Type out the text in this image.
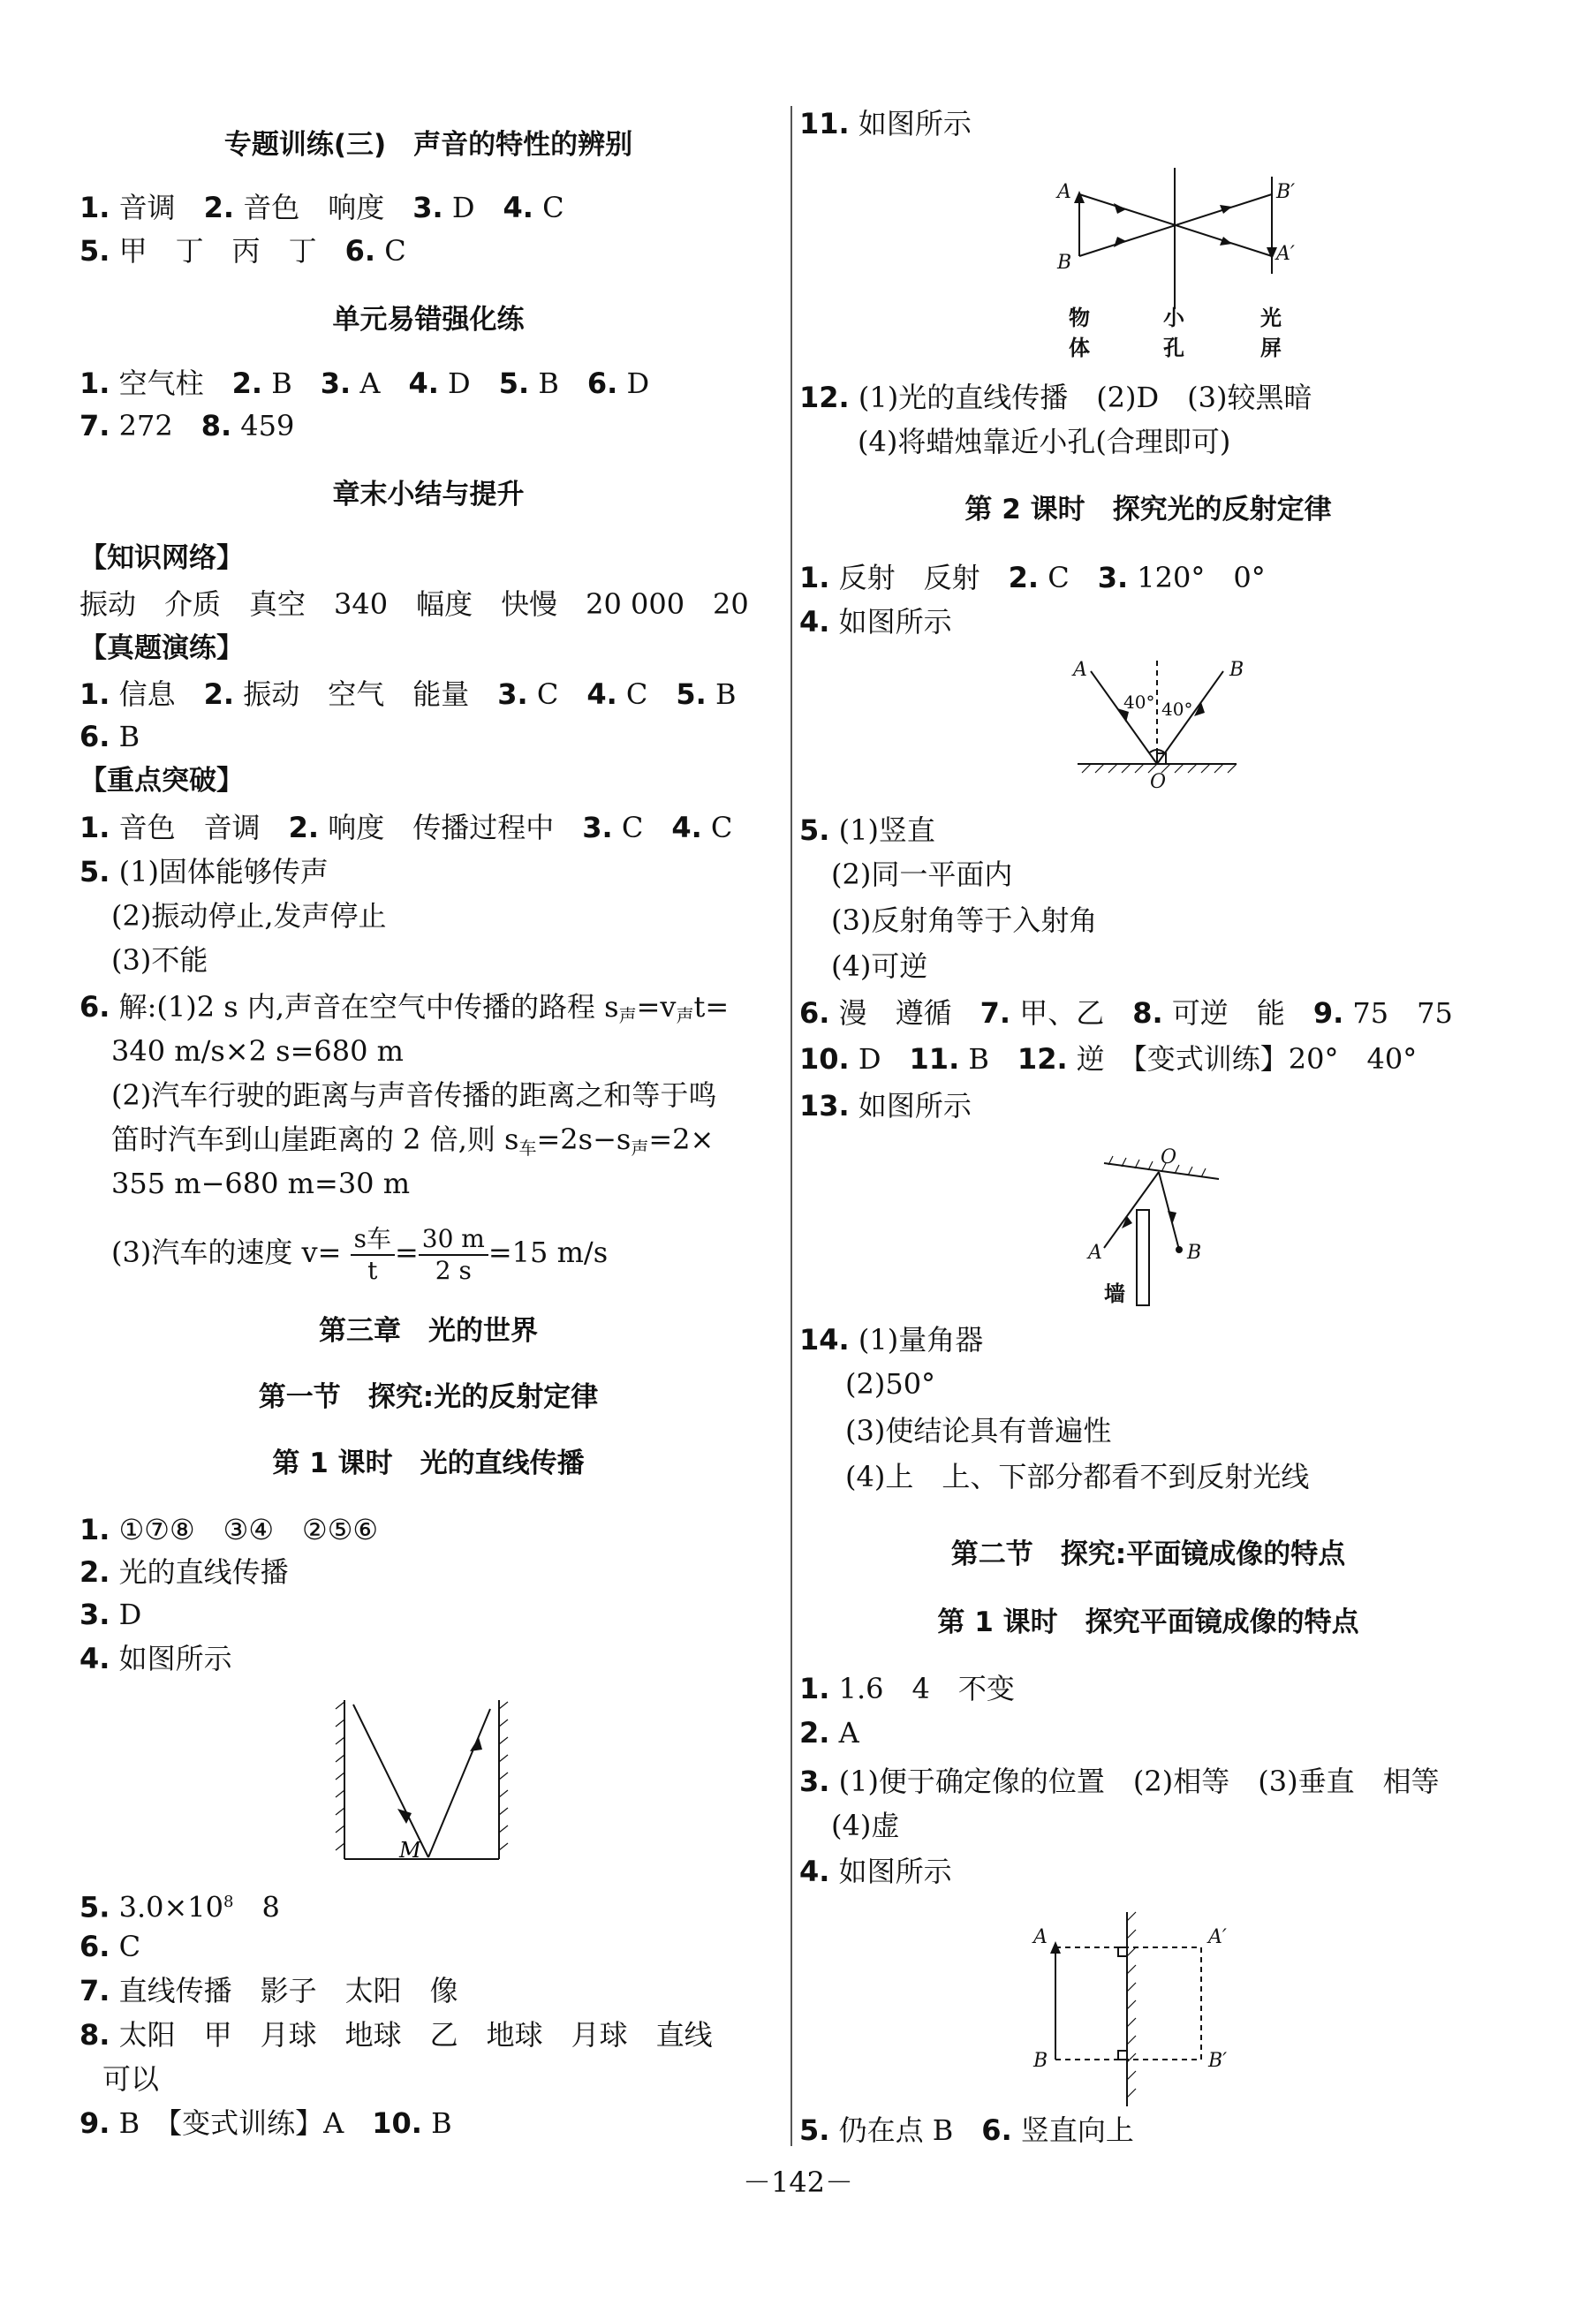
专题训练(三)　声音的特性的辨别
1. 音调　2. 音色　响度　3. D　4. C
5. 甲　丁　丙　丁　6. C
单元易错强化练
1. 空气柱　2. B　3. A　4. D　5. B　6. D
7. 272　8. 459
章末小结与提升
【知识网络】
振动　介质　真空　340　幅度　快慢　20 000　20
【真题演练】
1. 信息　2. 振动　空气　能量　3. C　4. C　5. B
6. B
【重点突破】
1. 音色　音调　2. 响度　传播过程中　3. C　4. C
5. (1)固体能够传声
(2)振动停止,发声停止
(3)不能
6. 解:(1)2 s 内,声音在空气中传播的路程 $s_声=v_声t=$
340 m/s×2 s=680 m
(2)汽车行驶的距离与声音传播的距离之和等于鸣
笛时汽车到山崖距离的 2 倍,则 $s_车=2s-s_声=2\times$
355 m−680 m=30 m
(3)汽车的速度 $v= \frac{\text{s车}}{t} = \frac{30 m}{2 s} =15$ m/s
第三章　光的世界
第一节　探究:光的反射定律
第 1 课时　光的直线传播
1. ①⑦⑧　③④　②⑤⑥
2. 光的直线传播
3. D
4. 如图所示
M
5. $3.0\times 10^8$　8
6. C
7. 直线传播　影子　太阳　像
8. 太阳　甲　月球　地球　乙　地球　月球　直线
可以
9. B　【变式训练】A　10. B
11. 如图所示
A
B
B′
A′
物
体
小
孔
光
屏
12. (1)光的直线传播　(2)D　(3)较黑暗
(4)将蜡烛靠近小孔(合理即可)
第 2 课时　探究光的反射定律
1. 反射　反射　2. C　3. 120°　0°
4. 如图所示
A	B
O
40° 40°
5. (1)竖直
(2)同一平面内
(3)反射角等于入射角
(4)可逆
6. 漫　遵循　7. 甲、乙　8. 可逆　能　9. 75　75
10. D　11. B　12. 逆　【变式训练】20°　40°
13. 如图所示
O
A	B
墙
14. (1)量角器
(2)50°
(3)使结论具有普遍性
(4)上　上、下部分都看不到反射光线
第二节　探究:平面镜成像的特点
第 1 课时　探究平面镜成像的特点
1. 1.6　4　不变
2. A
3. (1)便于确定像的位置　(2)相等　(3)垂直　相等
(4)虚
4. 如图所示
A
B
A′
B′
5. 仍在点 B　6. 竖直向上
－142－
